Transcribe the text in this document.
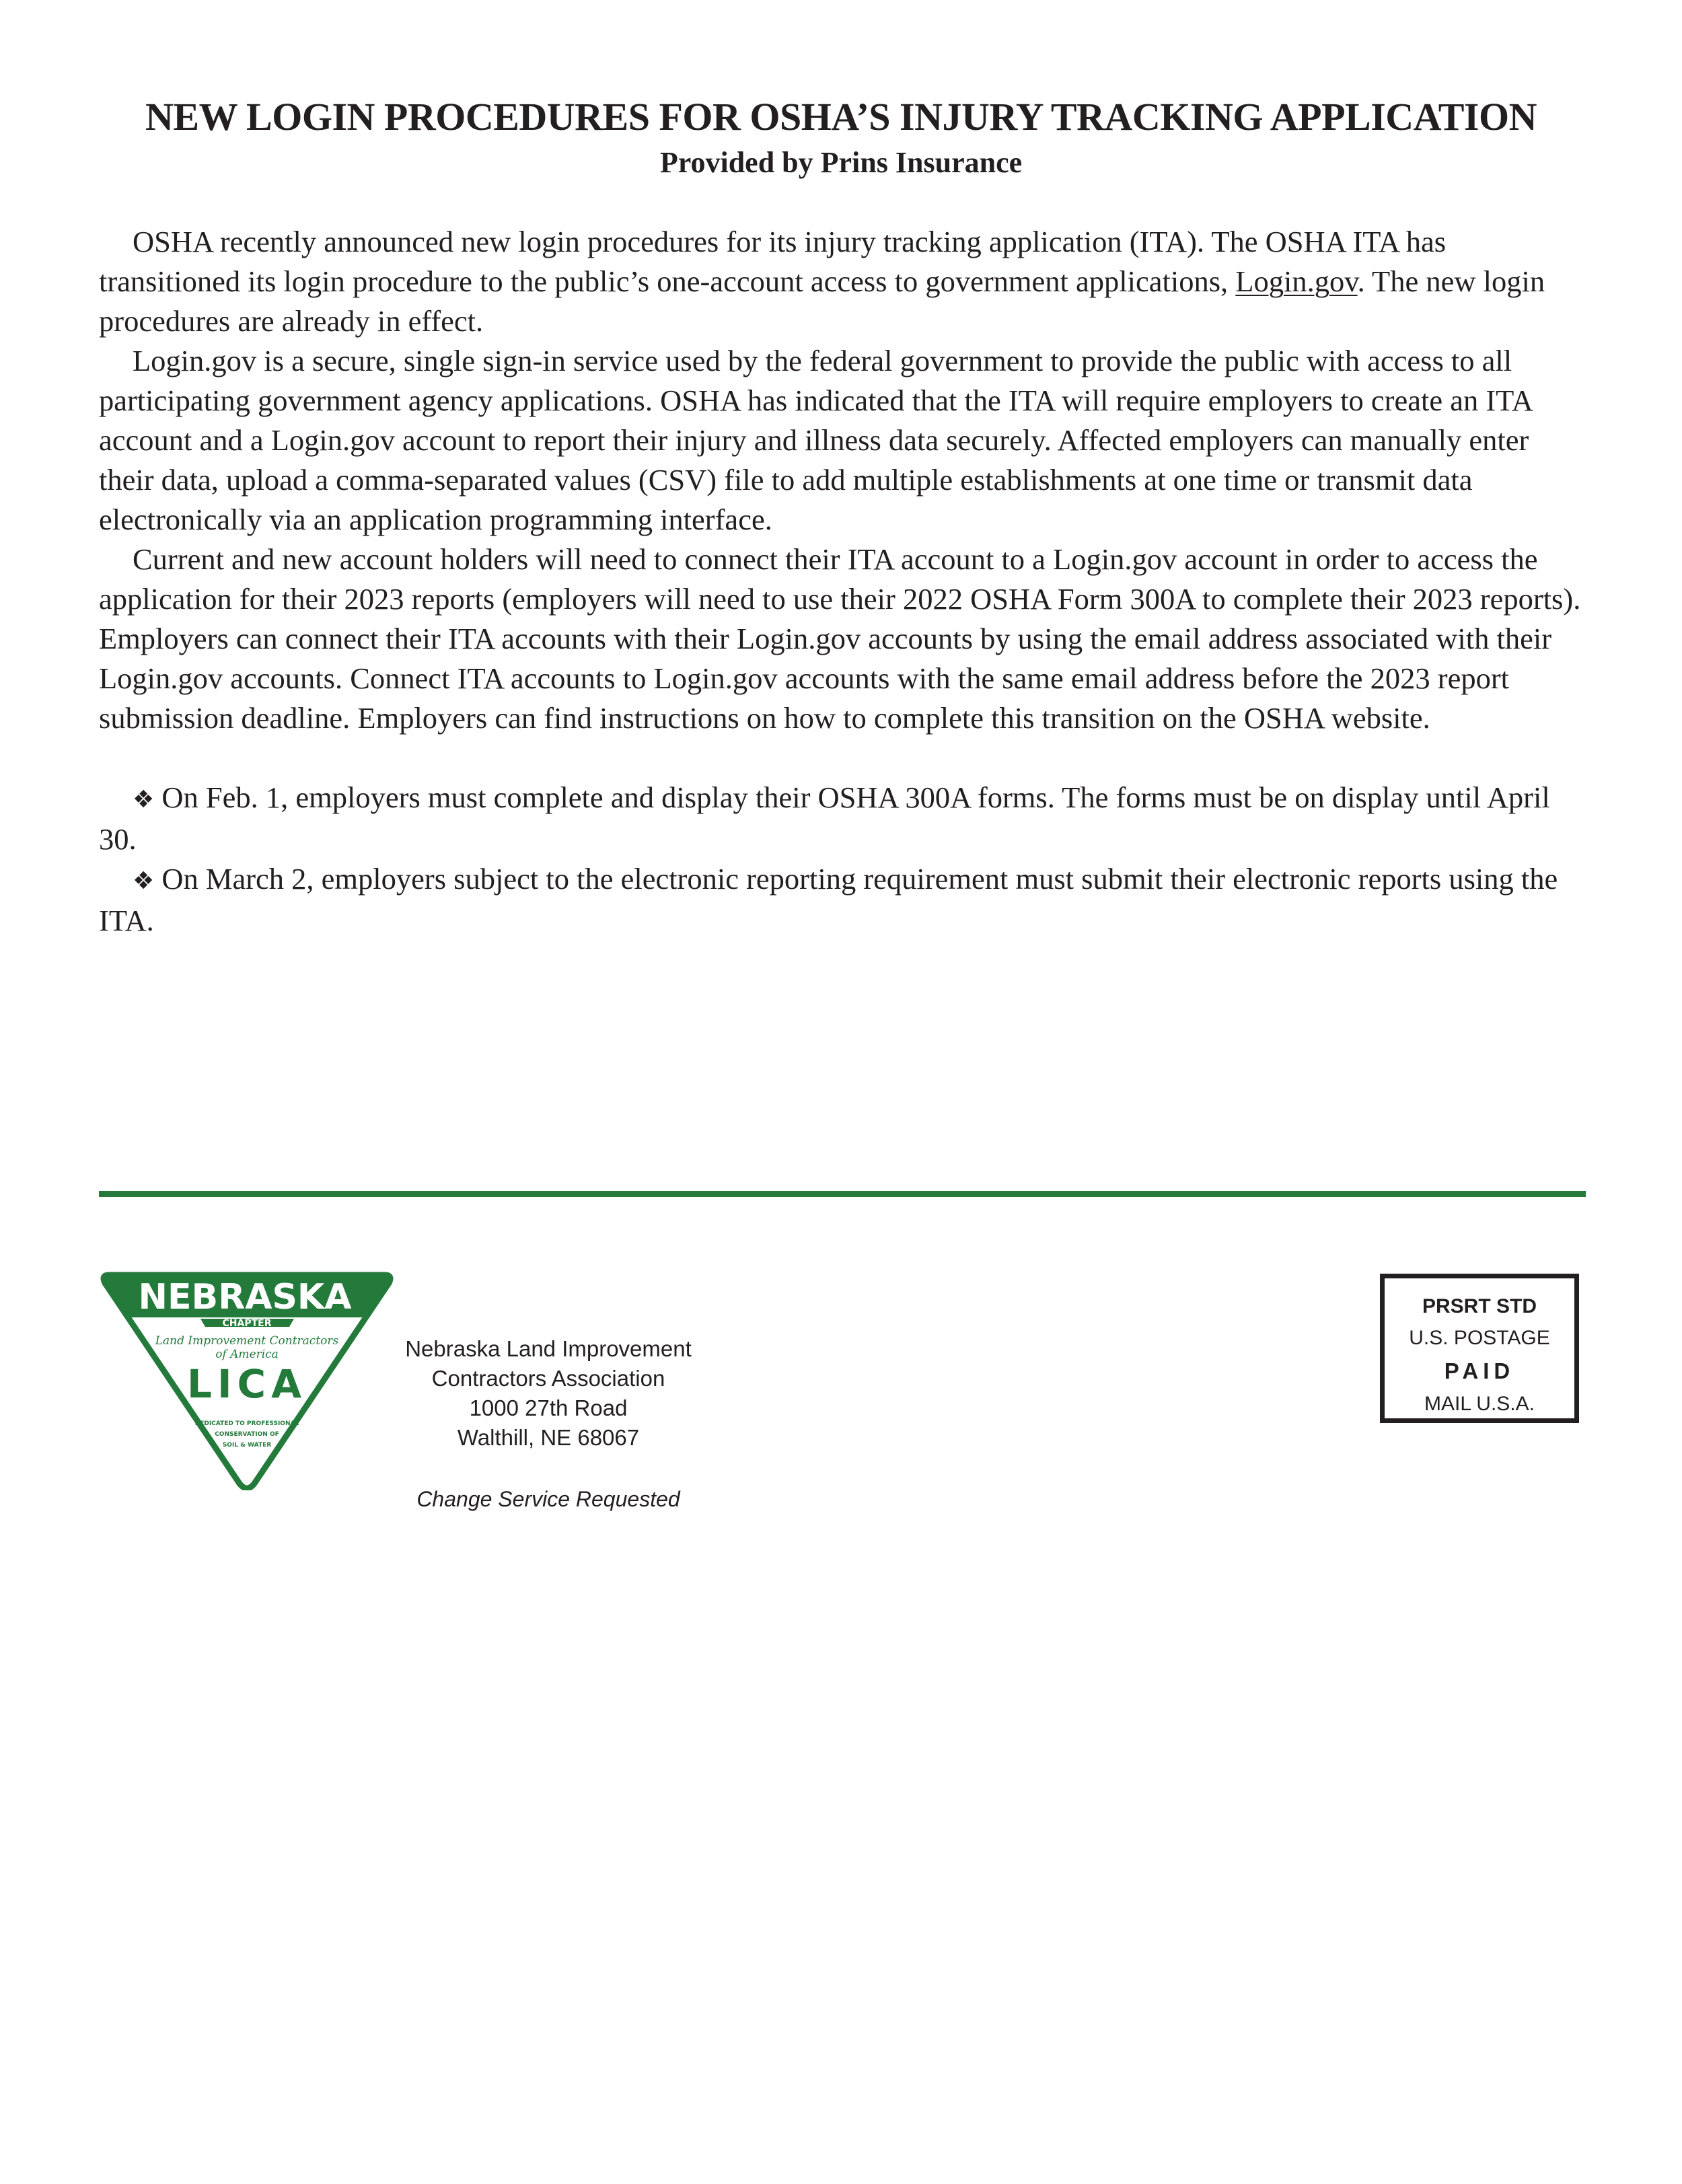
NEW LOGIN PROCEDURES FOR OSHA’S INJURY TRACKING APPLICATION
Provided by Prins Insurance

OSHA recently announced new login procedures for its injury tracking application (ITA). The OSHA ITA has transitioned its login procedure to the public’s one-account access to government applications, Login.gov. The new login procedures are already in effect.

Login.gov is a secure, single sign-in service used by the federal government to provide the public with access to all participating government agency applications. OSHA has indicated that the ITA will require employers to create an ITA account and a Login.gov account to report their injury and illness data securely. Affected employers can manually enter their data, upload a comma-separated values (CSV) file to add multiple establishments at one time or transmit data electronically via an application programming interface.

Current and new account holders will need to connect their ITA account to a Login.gov account in order to access the application for their 2023 reports (employers will need to use their 2022 OSHA Form 300A to complete their 2023 reports). Employers can connect their ITA accounts with their Login.gov accounts by using the email address associated with their Login.gov accounts. Connect ITA accounts to Login.gov accounts with the same email address before the 2023 report submission deadline. Employers can find instructions on how to complete this transition on the OSHA website.

❖ On Feb. 1, employers must complete and display their OSHA 300A forms. The forms must be on display until April 30.

❖ On March 2, employers subject to the electronic reporting requirement must submit their electronic reports using the ITA.

NEBRASKA
CHAPTER
Land Improvement Contractors
of America
LICA
DEDICATED TO PROFESSIONAL
CONSERVATION OF
SOIL & WATER
Nebraska Land Improvement
Contractors Association
1000 27th Road
Walthill, NE 68067
Change Service Requested
PRSRT STD
U.S. POSTAGE
PAID
MAIL U.S.A.
